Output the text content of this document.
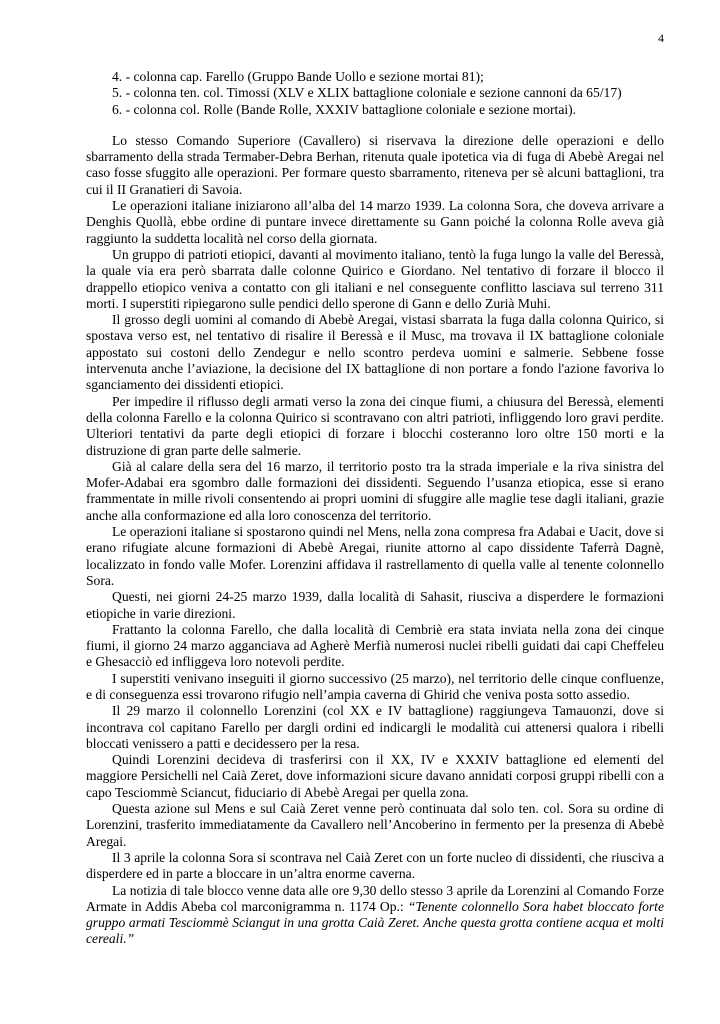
4

4. - colonna cap. Farello (Gruppo Bande Uollo e sezione mortai 81);

5. - colonna ten. col. Timossi (XLV e XLIX battaglione coloniale e sezione cannoni da 65/17)

6. - colonna col. Rolle (Bande Rolle, XXXIV battaglione coloniale e sezione mortai).

Lo stesso Comando Superiore (Cavallero) si riservava la direzione delle operazioni e dello sbarramento della strada Termaber-Debra Berhan, ritenuta quale ipotetica via di fuga di Abebè Aregai nel caso fosse sfuggito alle operazioni. Per formare questo sbarramento, riteneva per sè alcuni battaglioni, tra cui il II Granatieri di Savoia.

Le operazioni italiane iniziarono all’alba del 14 marzo 1939. La colonna Sora, che doveva arrivare a Denghis Quollà, ebbe ordine di puntare invece direttamente su Gann poiché la colonna Rolle aveva già raggiunto la suddetta località nel corso della giornata.

Un gruppo di patrioti etiopici, davanti al movimento italiano, tentò la fuga lungo la valle del Beressà, la quale via era però sbarrata dalle colonne Quirico e Giordano. Nel tentativo di forzare il blocco il drappello etiopico veniva a contatto con gli italiani e nel conseguente conflitto lasciava sul terreno 311 morti. I superstiti ripiegarono sulle pendici dello sperone di Gann e dello Zurià Muhi.

Il grosso degli uomini al comando di Abebè Aregai, vistasi sbarrata la fuga dalla colonna Quirico, si spostava verso est, nel tentativo di risalire il Beressà e il Musc, ma trovava il IX battaglione coloniale appostato sui costoni dello Zendegur e nello scontro perdeva uomini e salmerie. Sebbene fosse intervenuta anche l’aviazione, la decisione del IX battaglione di non portare a fondo l'azione favoriva lo sganciamento dei dissidenti etiopici.

Per impedire il riflusso degli armati verso la zona dei cinque fiumi, a chiusura del Beressà, elementi della colonna Farello e la colonna Quirico si scontravano con altri patrioti, infliggendo loro gravi perdite. Ulteriori tentativi da parte degli etiopici di forzare i blocchi costeranno loro oltre 150 morti e la distruzione di gran parte delle salmerie.

Già al calare della sera del 16 marzo, il territorio posto tra la strada imperiale e la riva sinistra del Mofer-Adabai era sgombro dalle formazioni dei dissidenti. Seguendo l’usanza etiopica, esse si erano frammentate in mille rivoli consentendo ai propri uomini di sfuggire alle maglie tese dagli italiani, grazie anche alla conformazione ed alla loro conoscenza del territorio.

Le operazioni italiane si spostarono quindi nel Mens, nella zona compresa fra Adabai e Uacit, dove si erano rifugiate alcune formazioni di Abebè Aregai, riunite attorno al capo dissidente Taferrà Dagnè, localizzato in fondo valle Mofer. Lorenzini affidava il rastrellamento di quella valle al tenente colonnello Sora.

Questi, nei giorni 24-25 marzo 1939, dalla località di Sahasit, riusciva a disperdere le formazioni etiopiche in varie direzioni.

Frattanto la colonna Farello, che dalla località di Cembriè era stata inviata nella zona dei cinque fiumi, il giorno 24 marzo agganciava ad Agherè Merfià numerosi nuclei ribelli guidati dai capi Cheffeleu e Ghesacciò ed infliggeva loro notevoli perdite.

I superstiti venivano inseguiti il giorno successivo (25 marzo), nel territorio delle cinque confluenze, e di conseguenza essi trovarono rifugio nell’ampia caverna di Ghirid che veniva posta sotto assedio.

Il 29 marzo il colonnello Lorenzini (col XX e IV battaglione) raggiungeva Tamauonzi, dove si incontrava col capitano Farello per dargli ordini ed indicargli le modalità cui attenersi qualora i ribelli bloccati venissero a patti e decidessero per la resa.

Quindi Lorenzini decideva di trasferirsi con il XX, IV e XXXIV battaglione ed elementi del maggiore Persichelli nel Caià Zeret, dove informazioni sicure davano annidati corposi gruppi ribelli con a capo Tesciommè Sciancut, fiduciario di Abebè Aregai per quella zona.

Questa azione sul Mens e sul Caià Zeret venne però continuata dal solo ten. col. Sora su ordine di Lorenzini, trasferito immediatamente da Cavallero nell’Ancoberino in fermento per la presenza di Abebè Aregai.

Il 3 aprile la colonna Sora si scontrava nel Caià Zeret con un forte nucleo di dissidenti, che riusciva a disperdere ed in parte a bloccare in un’altra enorme caverna.

La notizia di tale blocco venne data alle ore 9,30 dello stesso 3 aprile da Lorenzini al Comando Forze Armate in Addis Abeba col marconigramma n. 1174 Op.: “Tenente colonnello Sora habet bloccato forte gruppo armati Tesciommè Sciangut in una grotta Caià Zeret. Anche questa grotta contiene acqua et molti cereali.”
